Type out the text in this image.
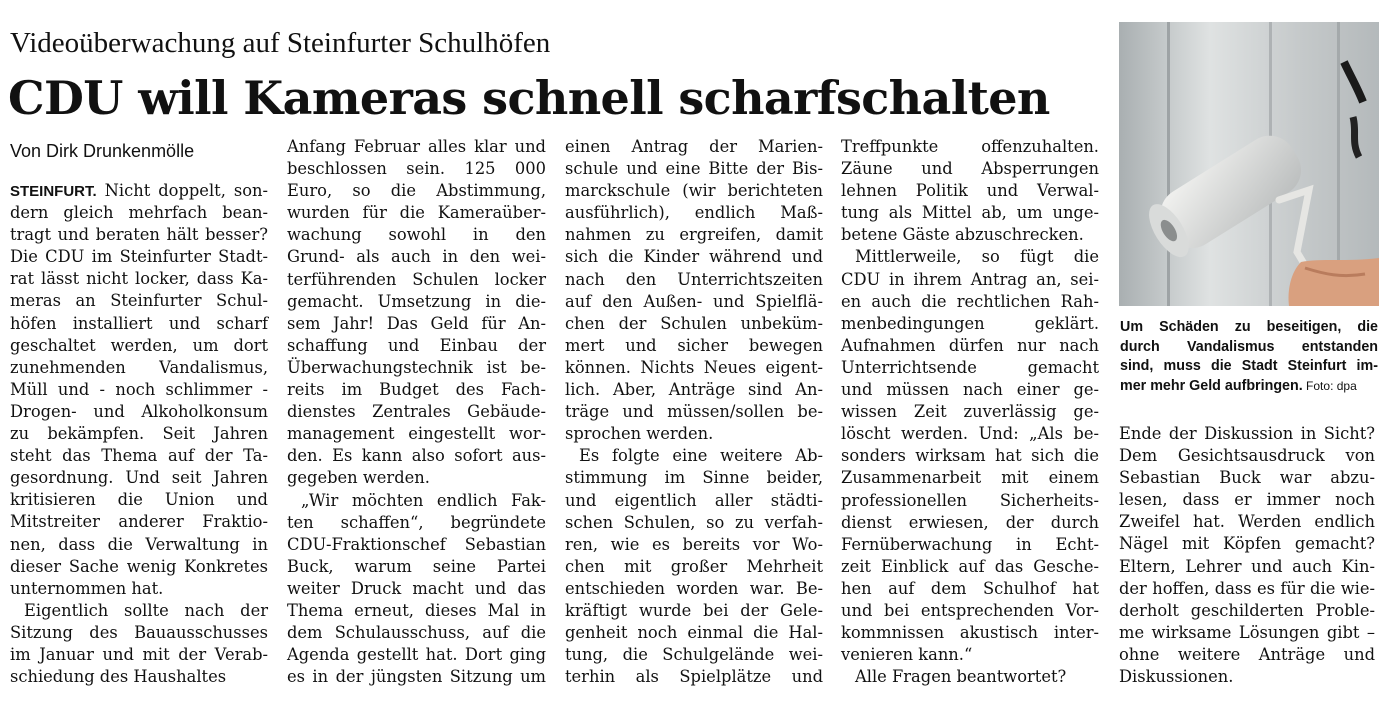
Videoüberwachung auf Steinfurter Schulhöfen
CDU will Kameras schnell scharfschalten
Von Dirk Drunkenmölle
STEINFURT. Nicht doppelt, son-
dern gleich mehrfach bean-
tragt und beraten hält besser?
Die CDU im Steinfurter Stadt-
rat lässt nicht locker, dass Ka-
meras an Steinfurter Schul-
höfen installiert und scharf
geschaltet werden, um dort
zunehmenden Vandalismus,
Müll und - noch schlimmer -
Drogen- und Alkoholkonsum
zu bekämpfen. Seit Jahren
steht das Thema auf der Ta-
gesordnung. Und seit Jahren
kritisieren die Union und
Mitstreiter anderer Fraktio-
nen, dass die Verwaltung in
dieser Sache wenig Konkretes
unternommen hat.
Eigentlich sollte nach der
Sitzung des Bauausschusses
im Januar und mit der Verab-
schiedung des Haushaltes
Anfang Februar alles klar und
beschlossen sein. 125 000
Euro, so die Abstimmung,
wurden für die Kameraüber-
wachung sowohl in den
Grund- als auch in den wei-
terführenden Schulen locker
gemacht. Umsetzung in die-
sem Jahr! Das Geld für An-
schaffung und Einbau der
Überwachungstechnik ist be-
reits im Budget des Fach-
dienstes Zentrales Gebäude-
management eingestellt wor-
den. Es kann also sofort aus-
gegeben werden.
„Wir möchten endlich Fak-
ten schaffen“, begründete
CDU-Fraktionschef Sebastian
Buck, warum seine Partei
weiter Druck macht und das
Thema erneut, dieses Mal in
dem Schulausschuss, auf die
Agenda gestellt hat. Dort ging
es in der jüngsten Sitzung um
einen Antrag der Marien-
schule und eine Bitte der Bis-
marckschule (wir berichteten
ausführlich), endlich Maß-
nahmen zu ergreifen, damit
sich die Kinder während und
nach den Unterrichtszeiten
auf den Außen- und Spielflä-
chen der Schulen unbeküm-
mert und sicher bewegen
können. Nichts Neues eigent-
lich. Aber, Anträge sind An-
träge und müssen/sollen be-
sprochen werden.
Es folgte eine weitere Ab-
stimmung im Sinne beider,
und eigentlich aller städti-
schen Schulen, so zu verfah-
ren, wie es bereits vor Wo-
chen mit großer Mehrheit
entschieden worden war. Be-
kräftigt wurde bei der Gele-
genheit noch einmal die Hal-
tung, die Schulgelände wei-
terhin als Spielplätze und
Treffpunkte offenzuhalten.
Zäune und Absperrungen
lehnen Politik und Verwal-
tung als Mittel ab, um unge-
betene Gäste abzuschrecken.
Mittlerweile, so fügt die
CDU in ihrem Antrag an, sei-
en auch die rechtlichen Rah-
menbedingungen geklärt.
Aufnahmen dürfen nur nach
Unterrichtsende gemacht
und müssen nach einer ge-
wissen Zeit zuverlässig ge-
löscht werden. Und: „Als be-
sonders wirksam hat sich die
Zusammenarbeit mit einem
professionellen Sicherheits-
dienst erwiesen, der durch
Fernüberwachung in Echt-
zeit Einblick auf das Gesche-
hen auf dem Schulhof hat
und bei entsprechenden Vor-
kommnissen akustisch inter-
venieren kann.“
Alle Fragen beantwortet?
Ende der Diskussion in Sicht?
Dem Gesichtsausdruck von
Sebastian Buck war abzu-
lesen, dass er immer noch
Zweifel hat. Werden endlich
Nägel mit Köpfen gemacht?
Eltern, Lehrer und auch Kin-
der hoffen, dass es für die wie-
derholt geschilderten Proble-
me wirksame Lösungen gibt –
ohne weitere Anträge und
Diskussionen.
Um Schäden zu beseitigen, die
durch Vandalismus entstanden
sind, muss die Stadt Steinfurt im-
mer mehr Geld aufbringen. Foto: dpa
